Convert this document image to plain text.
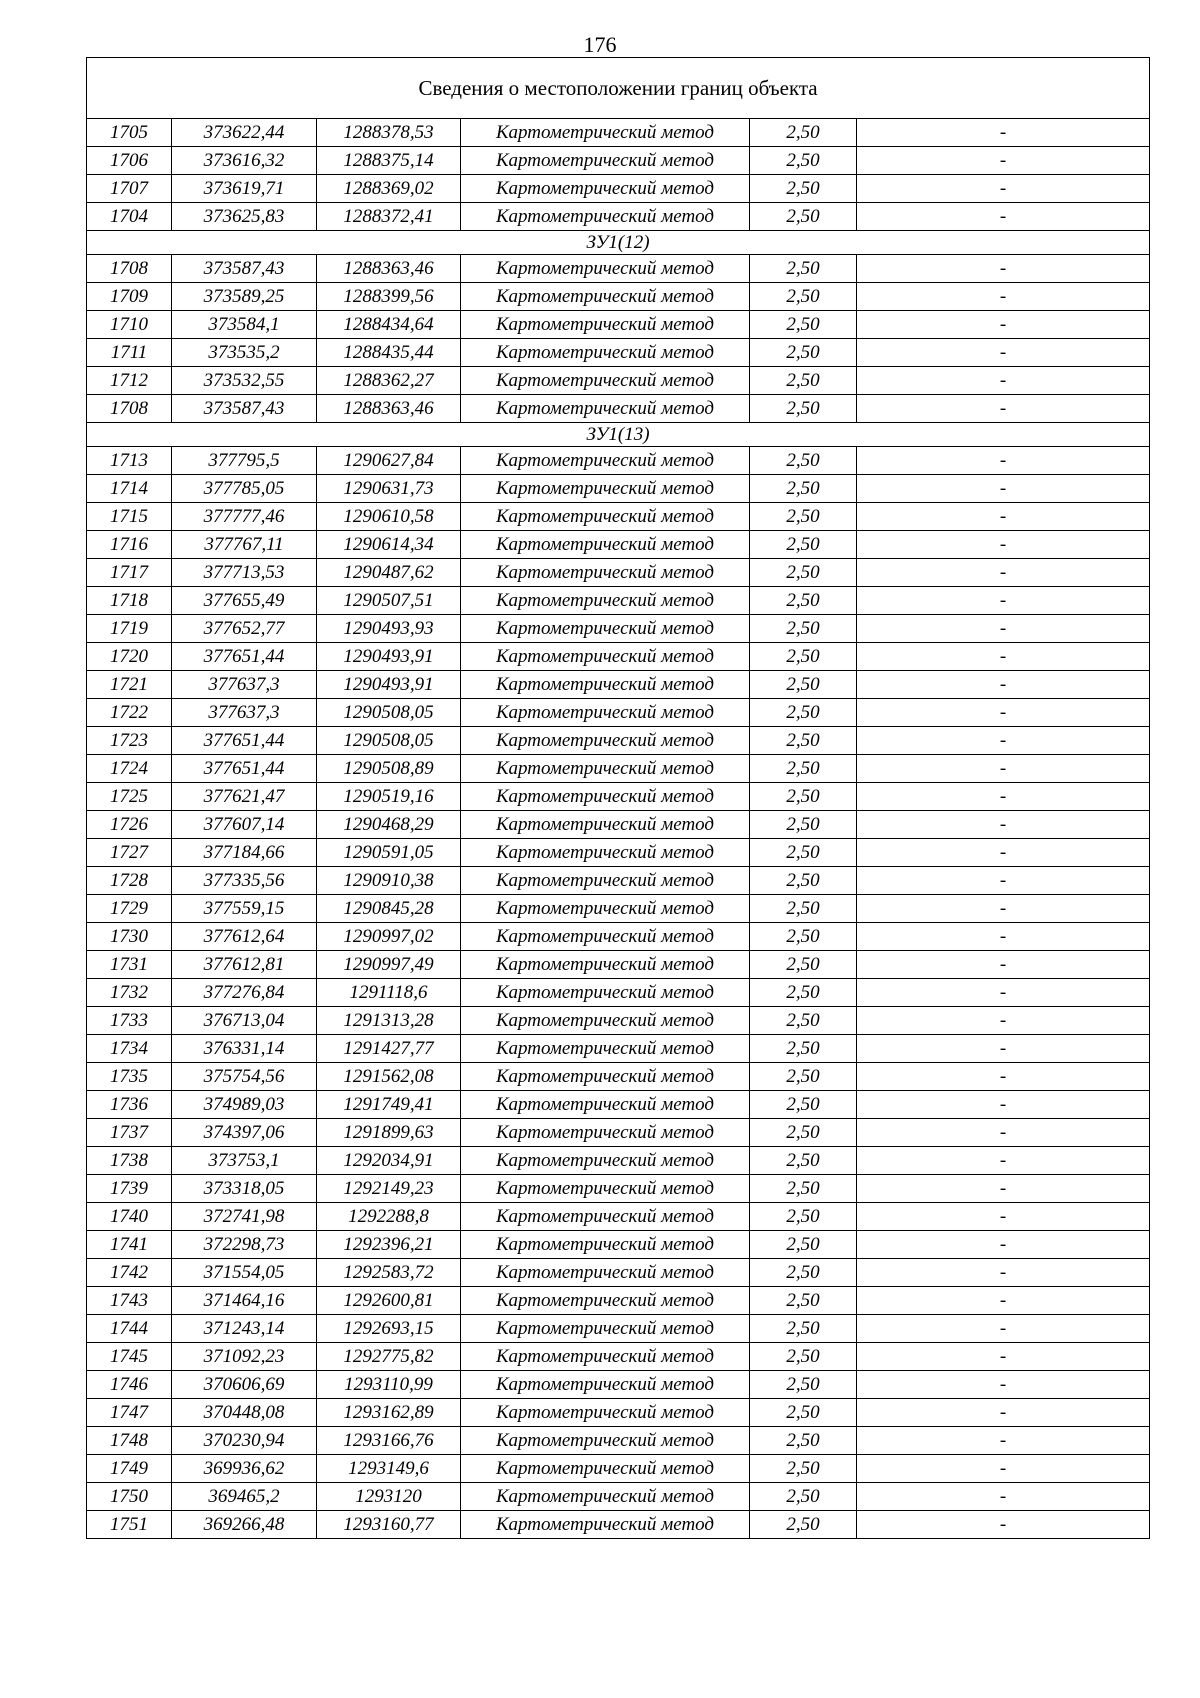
176
Сведения о местоположении границ объекта					
1705	373622,44	1288378,53	Картометрический метод	2,50	-
1706	373616,32	1288375,14	Картометрический метод	2,50	-
1707	373619,71	1288369,02	Картометрический метод	2,50	-
1704	373625,83	1288372,41	Картометрический метод	2,50	-
ЗУ1(12)					
1708	373587,43	1288363,46	Картометрический метод	2,50	-
1709	373589,25	1288399,56	Картометрический метод	2,50	-
1710	373584,1	1288434,64	Картометрический метод	2,50	-
1711	373535,2	1288435,44	Картометрический метод	2,50	-
1712	373532,55	1288362,27	Картометрический метод	2,50	-
1708	373587,43	1288363,46	Картометрический метод	2,50	-
ЗУ1(13)					
1713	377795,5	1290627,84	Картометрический метод	2,50	-
1714	377785,05	1290631,73	Картометрический метод	2,50	-
1715	377777,46	1290610,58	Картометрический метод	2,50	-
1716	377767,11	1290614,34	Картометрический метод	2,50	-
1717	377713,53	1290487,62	Картометрический метод	2,50	-
1718	377655,49	1290507,51	Картометрический метод	2,50	-
1719	377652,77	1290493,93	Картометрический метод	2,50	-
1720	377651,44	1290493,91	Картометрический метод	2,50	-
1721	377637,3	1290493,91	Картометрический метод	2,50	-
1722	377637,3	1290508,05	Картометрический метод	2,50	-
1723	377651,44	1290508,05	Картометрический метод	2,50	-
1724	377651,44	1290508,89	Картометрический метод	2,50	-
1725	377621,47	1290519,16	Картометрический метод	2,50	-
1726	377607,14	1290468,29	Картометрический метод	2,50	-
1727	377184,66	1290591,05	Картометрический метод	2,50	-
1728	377335,56	1290910,38	Картометрический метод	2,50	-
1729	377559,15	1290845,28	Картометрический метод	2,50	-
1730	377612,64	1290997,02	Картометрический метод	2,50	-
1731	377612,81	1290997,49	Картометрический метод	2,50	-
1732	377276,84	1291118,6	Картометрический метод	2,50	-
1733	376713,04	1291313,28	Картометрический метод	2,50	-
1734	376331,14	1291427,77	Картометрический метод	2,50	-
1735	375754,56	1291562,08	Картометрический метод	2,50	-
1736	374989,03	1291749,41	Картометрический метод	2,50	-
1737	374397,06	1291899,63	Картометрический метод	2,50	-
1738	373753,1	1292034,91	Картометрический метод	2,50	-
1739	373318,05	1292149,23	Картометрический метод	2,50	-
1740	372741,98	1292288,8	Картометрический метод	2,50	-
1741	372298,73	1292396,21	Картометрический метод	2,50	-
1742	371554,05	1292583,72	Картометрический метод	2,50	-
1743	371464,16	1292600,81	Картометрический метод	2,50	-
1744	371243,14	1292693,15	Картометрический метод	2,50	-
1745	371092,23	1292775,82	Картометрический метод	2,50	-
1746	370606,69	1293110,99	Картометрический метод	2,50	-
1747	370448,08	1293162,89	Картометрический метод	2,50	-
1748	370230,94	1293166,76	Картометрический метод	2,50	-
1749	369936,62	1293149,6	Картометрический метод	2,50	-
1750	369465,2	1293120	Картометрический метод	2,50	-
1751	369266,48	1293160,77	Картометрический метод	2,50	-
